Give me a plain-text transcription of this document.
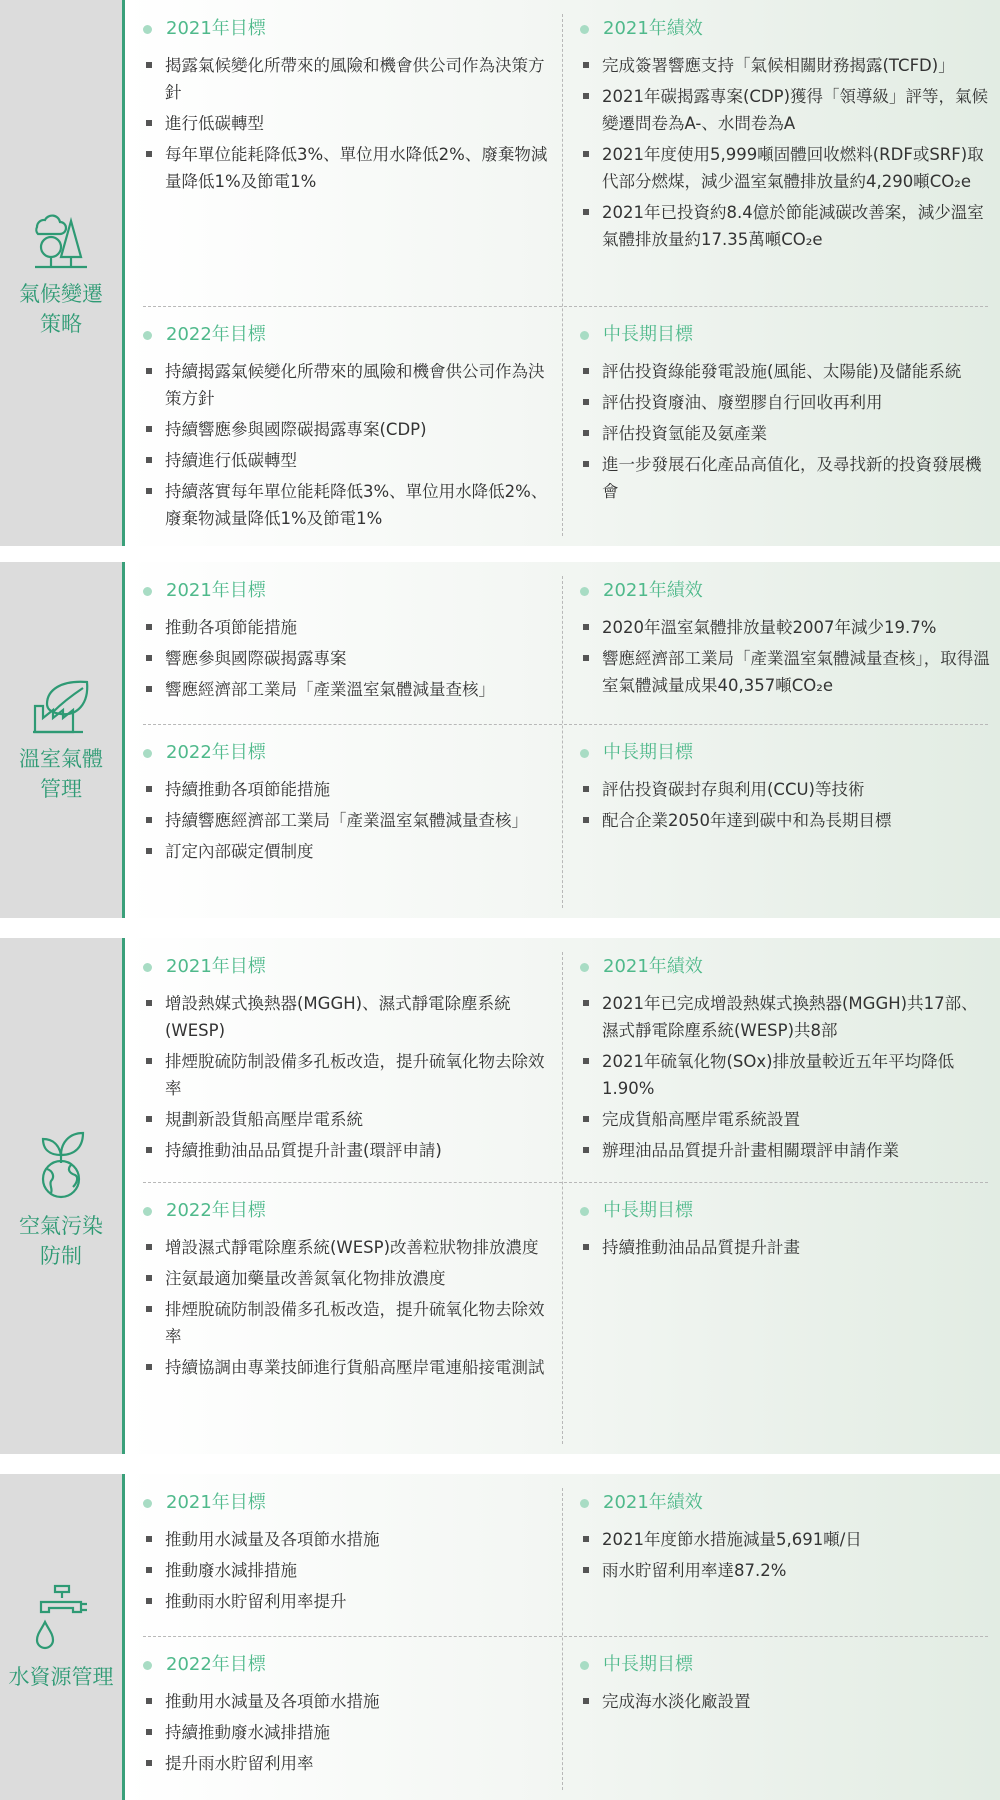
氣候變遷
策略
2021年目標
揭露氣候變化所帶來的風險和機會供公司作為決策方針
進行低碳轉型
每年單位能耗降低3%、單位用水降低2%、廢棄物減量降低1%及節電1%
2021年績效
完成簽署響應支持「氣候相關財務揭露(TCFD)」
2021年碳揭露專案(CDP)獲得「領導級」評等，氣候變遷問卷為A-、水問卷為A
2021年度使用5,999噸固體回收燃料(RDF或SRF)取代部分燃煤，減少溫室氣體排放量約4,290噸CO₂e
2021年已投資約8.4億於節能減碳改善案，減少溫室氣體排放量約17.35萬噸CO₂e
2022年目標
持續揭露氣候變化所帶來的風險和機會供公司作為決策方針
持續響應參與國際碳揭露專案(CDP)
持續進行低碳轉型
持續落實每年單位能耗降低3%、單位用水降低2%、廢棄物減量降低1%及節電1%
中長期目標
評估投資綠能發電設施(風能、太陽能)及儲能系統
評估投資廢油、廢塑膠自行回收再利用
評估投資氫能及氨產業
進一步發展石化產品高值化，及尋找新的投資發展機會
溫室氣體
管理
2021年目標
推動各項節能措施
響應參與國際碳揭露專案
響應經濟部工業局「產業溫室氣體減量查核」
2021年績效
2020年溫室氣體排放量較2007年減少19.7%
響應經濟部工業局「產業溫室氣體減量查核」，取得溫室氣體減量成果40,357噸CO₂e
2022年目標
持續推動各項節能措施
持續響應經濟部工業局「產業溫室氣體減量查核」
訂定內部碳定價制度
中長期目標
評估投資碳封存與利用(CCU)等技術
配合企業2050年達到碳中和為長期目標
空氣污染
防制
2021年目標
增設熱媒式換熱器(MGGH)、濕式靜電除塵系統(WESP)
排煙脫硫防制設備多孔板改造，提升硫氧化物去除效率
規劃新設貨船高壓岸電系統
持續推動油品品質提升計畫(環評申請)
2021年績效
2021年已完成增設熱媒式換熱器(MGGH)共17部、濕式靜電除塵系統(WESP)共8部
2021年硫氧化物(SOx)排放量較近五年平均降低1.90%
完成貨船高壓岸電系統設置
辦理油品品質提升計畫相關環評申請作業
2022年目標
增設濕式靜電除塵系統(WESP)改善粒狀物排放濃度
注氨最適加藥量改善氮氧化物排放濃度
排煙脫硫防制設備多孔板改造，提升硫氧化物去除效率
持續協調由專業技師進行貨船高壓岸電連船接電測試
中長期目標
持續推動油品品質提升計畫
水資源管理
2021年目標
推動用水減量及各項節水措施
推動廢水減排措施
推動雨水貯留利用率提升
2021年績效
2021年度節水措施減量5,691噸/日
雨水貯留利用率達87.2%
2022年目標
推動用水減量及各項節水措施
持續推動廢水減排措施
提升雨水貯留利用率
中長期目標
完成海水淡化廠設置
